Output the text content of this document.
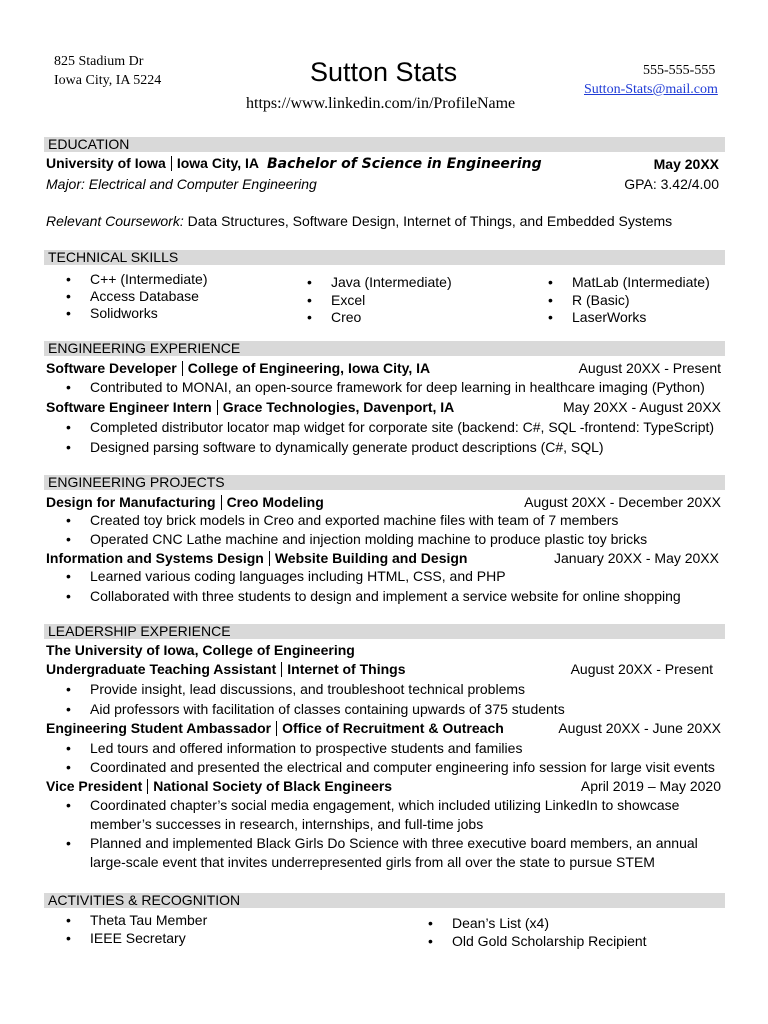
825 Stadium Dr
Iowa City, IA 5224	Sutton Stats
https://www.linkedin.com/in/ProfileName
555-555-555
Sutton-Stats@mail.com
EDUCATION
University of Iowa Iowa City, IA Bachelor of Science in Engineering	May 20XX
Major: Electrical and Computer Engineering	GPA: 3.42/4.00
Relevant Coursework: Data Structures, Software Design, Internet of Things, and Embedded Systems
TECHNICAL SKILLS
• C++ (Intermediate)
• Access Database
• Solidworks
• Java (Intermediate)
• Excel
• Creo
• MatLab (Intermediate)
• R (Basic)
• LaserWorks
ENGINEERING EXPERIENCE
Software Developer College of Engineering, Iowa City, IA	August 20XX - Present
• Contributed to MONAI, an open-source framework for deep learning in healthcare imaging (Python)
Software Engineer Intern Grace Technologies, Davenport, IA	May 20XX - August 20XX
• Completed distributor locator map widget for corporate site (backend: C#, SQL -frontend: TypeScript)
• Designed parsing software to dynamically generate product descriptions (C#, SQL)
ENGINEERING PROJECTS
Design for Manufacturing Creo Modeling	August 20XX - December 20XX
• Created toy brick models in Creo and exported machine files with team of 7 members
• Operated CNC Lathe machine and injection molding machine to produce plastic toy bricks
Information and Systems Design Website Building and Design	January 20XX - May 20XX
• Learned various coding languages including HTML, CSS, and PHP
• Collaborated with three students to design and implement a service website for online shopping
LEADERSHIP EXPERIENCE
The University of Iowa, College of Engineering
Undergraduate Teaching Assistant Internet of Things	August 20XX - Present
• Provide insight, lead discussions, and troubleshoot technical problems
• Aid professors with facilitation of classes containing upwards of 375 students
Engineering Student Ambassador Office of Recruitment & Outreach	August 20XX - June 20XX
• Led tours and offered information to prospective students and families
• Coordinated and presented the electrical and computer engineering info session for large visit events
Vice President National Society of Black Engineers	April 2019 – May 2020
• Coordinated chapter’s social media engagement, which included utilizing LinkedIn to showcase
member’s successes in research, internships, and full-time jobs
• Planned and implemented Black Girls Do Science with three executive board members, an annual
large-scale event that invites underrepresented girls from all over the state to pursue STEM
ACTIVITIES & RECOGNITION
• Theta Tau Member
• IEEE Secretary
• Dean’s List (x4)
• Old Gold Scholarship Recipient
